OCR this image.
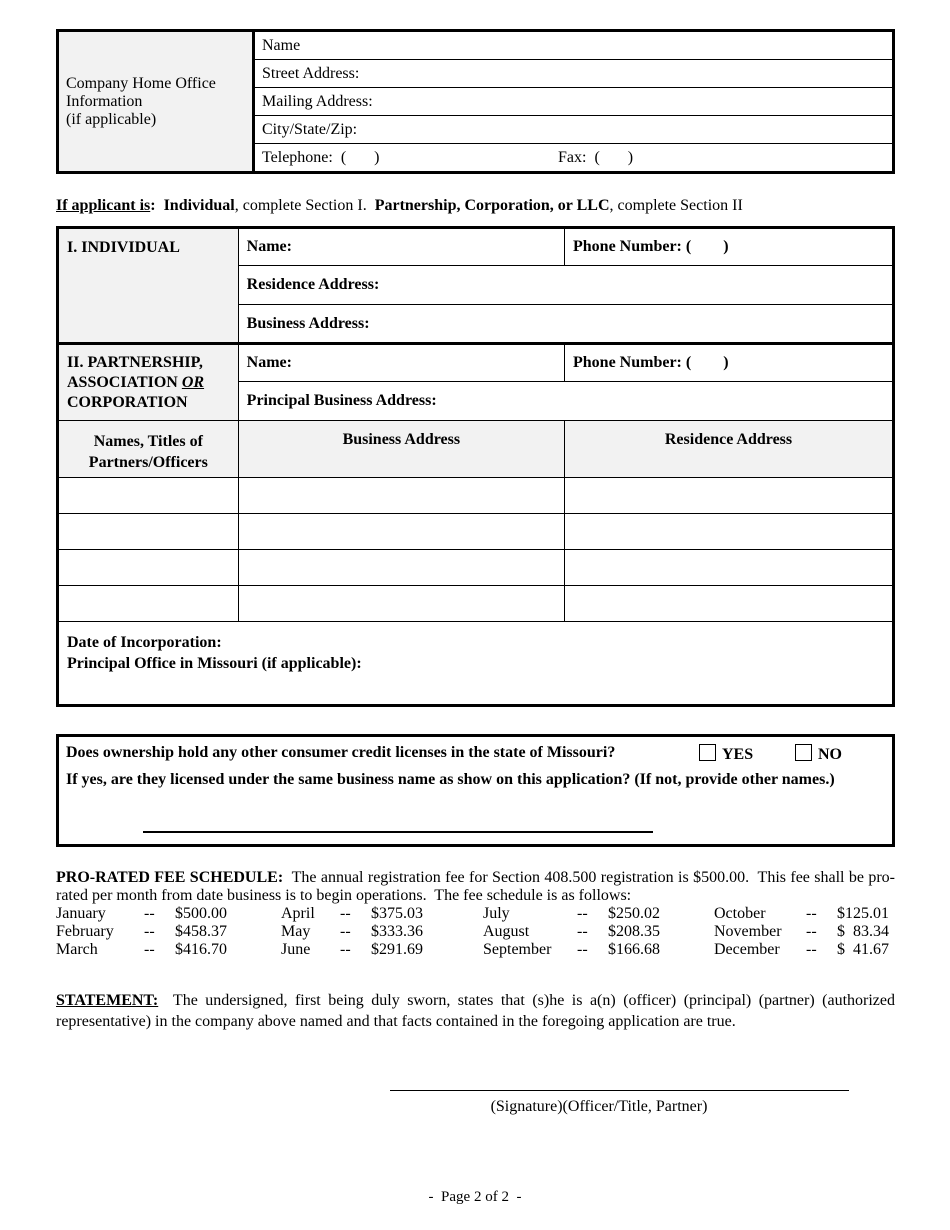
Company Home Office
Information
(if applicable)
	Name
Street Address:
Mailing Address:
City/State/Zip:
Telephone:  (       )	Fax:  (       )
If applicant is:  Individual, complete Section I.  Partnership, Corporation, or LLC, complete Section II
I. INDIVIDUAL	Name:	Phone Number: (        )
	Residence Address:	
	Business Address:	

II. PARTNERSHIP,
ASSOCIATION OR
CORPORATION	Name:	Phone Number: (        )
	Principal Business Address:	

Names, Titles of
Partners/Officers	Business Address	Residence Address

Date of Incorporation:
Principal Office in Missouri (if applicable):		
Does ownership hold any other consumer credit licenses in the state of Missouri?	YES	NO
If yes, are they licensed under the same business name as show on this application? (If not, provide other names.)
PRO-RATED FEE SCHEDULE:  The annual registration fee for Section 408.500 registration is $500.00.  This fee shall be pro-rated per month from date business is to begin operations.  The fee schedule is as follows:
January -- $500.00	April -- $375.03	July	-- $250.02	October	-- $125.01
February -- $458.37	May -- $333.36	August	-- $208.35	November -- $  83.34
March	-- $416.70	June -- $291.69	September -- $166.68	December -- $  41.67
STATEMENT:  The undersigned, first being duly sworn, states that (s)he is a(n) (officer) (principal) (partner) (authorized representative) in the company above named and that facts contained in the foregoing application are true.
(Signature)(Officer/Title, Partner)
-  Page 2 of 2  -
